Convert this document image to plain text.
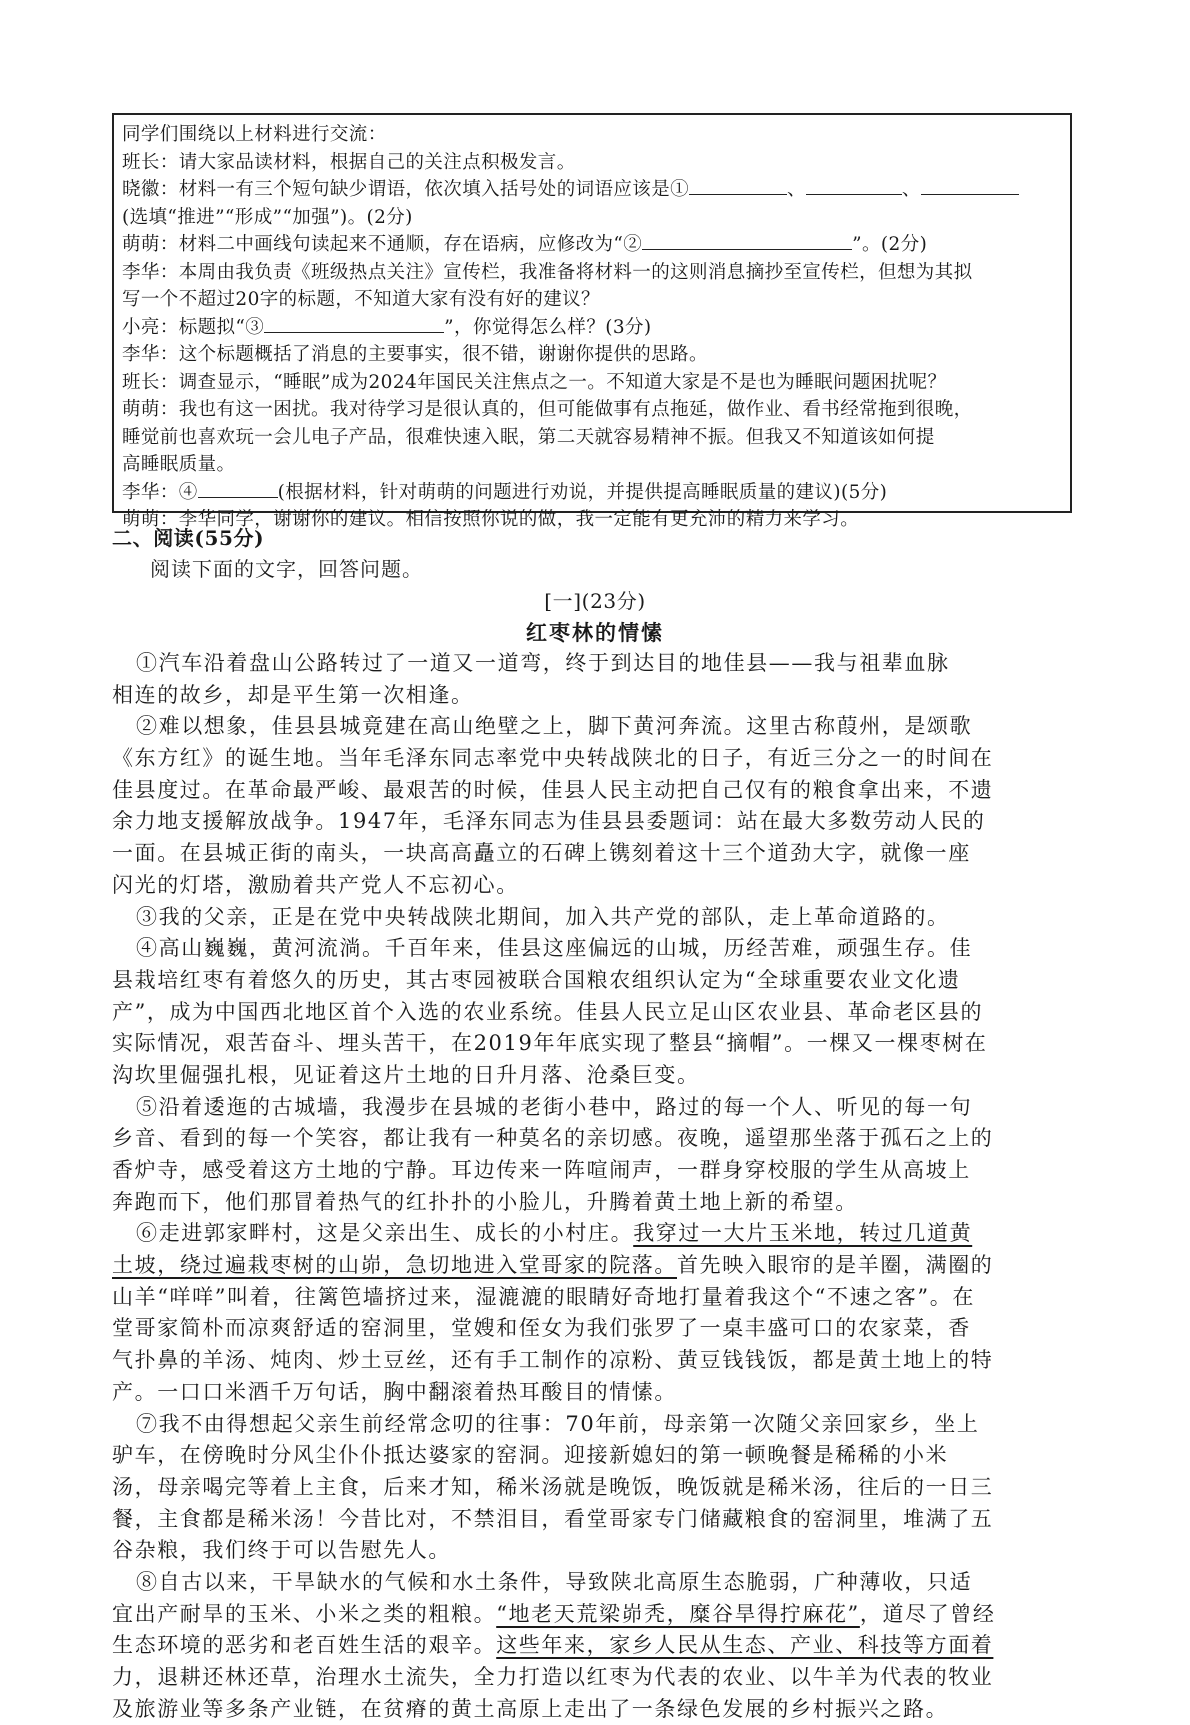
同学们围绕以上材料进行交流：
班长：请大家品读材料，根据自己的关注点积极发言。
晓徽：材料一有三个短句缺少谓语，依次填入括号处的词语应该是①	、	、
(选填“推进”“形成”“加强”)。(2分)
萌萌：材料二中画线句读起来不通顺，存在语病，应修改为“②	”。(2分)
李华：本周由我负责《班级热点关注》宣传栏，我准备将材料一的这则消息摘抄至宣传栏，但想为其拟
写一个不超过20字的标题，不知道大家有没有好的建议？
小亮：标题拟“③	”，你觉得怎么样？(3分)
李华：这个标题概括了消息的主要事实，很不错，谢谢你提供的思路。
班长：调查显示，“睡眠”成为2024年国民关注焦点之一。不知道大家是不是也为睡眠问题困扰呢？
萌萌：我也有这一困扰。我对待学习是很认真的，但可能做事有点拖延，做作业、看书经常拖到很晚，
睡觉前也喜欢玩一会儿电子产品，很难快速入眠，第二天就容易精神不振。但我又不知道该如何提
高睡眠质量。
李华：④	(根据材料，针对萌萌的问题进行劝说，并提供提高睡眠质量的建议)(5分)
萌萌：李华同学，谢谢你的建议。相信按照你说的做，我一定能有更充沛的精力来学习。
二、阅读(55分)
阅读下面的文字，回答问题。
[一](23分)
红枣林的情愫
①汽车沿着盘山公路转过了一道又一道弯，终于到达目的地佳县——我与祖辈血脉
相连的故乡，却是平生第一次相逢。
②难以想象，佳县县城竟建在高山绝壁之上，脚下黄河奔流。这里古称葭州，是颂歌
《东方红》的诞生地。当年毛泽东同志率党中央转战陕北的日子，有近三分之一的时间在
佳县度过。在革命最严峻、最艰苦的时候，佳县人民主动把自己仅有的粮食拿出来，不遗
余力地支援解放战争。1947年，毛泽东同志为佳县县委题词：站在最大多数劳动人民的
一面。在县城正街的南头，一块高高矗立的石碑上镌刻着这十三个道劲大字，就像一座
闪光的灯塔，激励着共产党人不忘初心。
③我的父亲，正是在党中央转战陕北期间，加入共产党的部队，走上革命道路的。
④高山巍巍，黄河流淌。千百年来，佳县这座偏远的山城，历经苦难，顽强生存。佳
县栽培红枣有着悠久的历史，其古枣园被联合国粮农组织认定为“全球重要农业文化遗
产”，成为中国西北地区首个入选的农业系统。佳县人民立足山区农业县、革命老区县的
实际情况，艰苦奋斗、埋头苦干，在2019年年底实现了整县“摘帽”。一棵又一棵枣树在
沟坎里倔强扎根，见证着这片土地的日升月落、沧桑巨变。
⑤沿着逶迤的古城墙，我漫步在县城的老街小巷中，路过的每一个人、听见的每一句
乡音、看到的每一个笑容，都让我有一种莫名的亲切感。夜晚，遥望那坐落于孤石之上的
香炉寺，感受着这方土地的宁静。耳边传来一阵喧闹声，一群身穿校服的学生从高坡上
奔跑而下，他们那冒着热气的红扑扑的小脸儿，升腾着黄土地上新的希望。
⑥走进郭家畔村，这是父亲出生、成长的小村庄。我穿过一大片玉米地，转过几道黄
土坡，绕过遍栽枣树的山峁，急切地进入堂哥家的院落。首先映入眼帘的是羊圈，满圈的
山羊“咩咩”叫着，往篱笆墙挤过来，湿漉漉的眼睛好奇地打量着我这个“不速之客”。在
堂哥家简朴而凉爽舒适的窑洞里，堂嫂和侄女为我们张罗了一桌丰盛可口的农家菜，香
气扑鼻的羊汤、炖肉、炒土豆丝，还有手工制作的凉粉、黄豆钱钱饭，都是黄土地上的特
产。一口口米酒千万句话，胸中翻滚着热耳酸目的情愫。
⑦我不由得想起父亲生前经常念叨的往事：70年前，母亲第一次随父亲回家乡，坐上
驴车，在傍晚时分风尘仆仆抵达婆家的窑洞。迎接新媳妇的第一顿晚餐是稀稀的小米
汤，母亲喝完等着上主食，后来才知，稀米汤就是晚饭，晚饭就是稀米汤，往后的一日三
餐，主食都是稀米汤！今昔比对，不禁泪目，看堂哥家专门储藏粮食的窑洞里，堆满了五
谷杂粮，我们终于可以告慰先人。
⑧自古以来，干旱缺水的气候和水土条件，导致陕北高原生态脆弱，广种薄收，只适
宜出产耐旱的玉米、小米之类的粗粮。“地老天荒梁峁秃，糜谷旱得拧麻花”，道尽了曾经
生态环境的恶劣和老百姓生活的艰辛。这些年来，家乡人民从生态、产业、科技等方面着
力，退耕还林还草，治理水土流失，全力打造以红枣为代表的农业、以牛羊为代表的牧业
及旅游业等多条产业链，在贫瘠的黄土高原上走出了一条绿色发展的乡村振兴之路。
